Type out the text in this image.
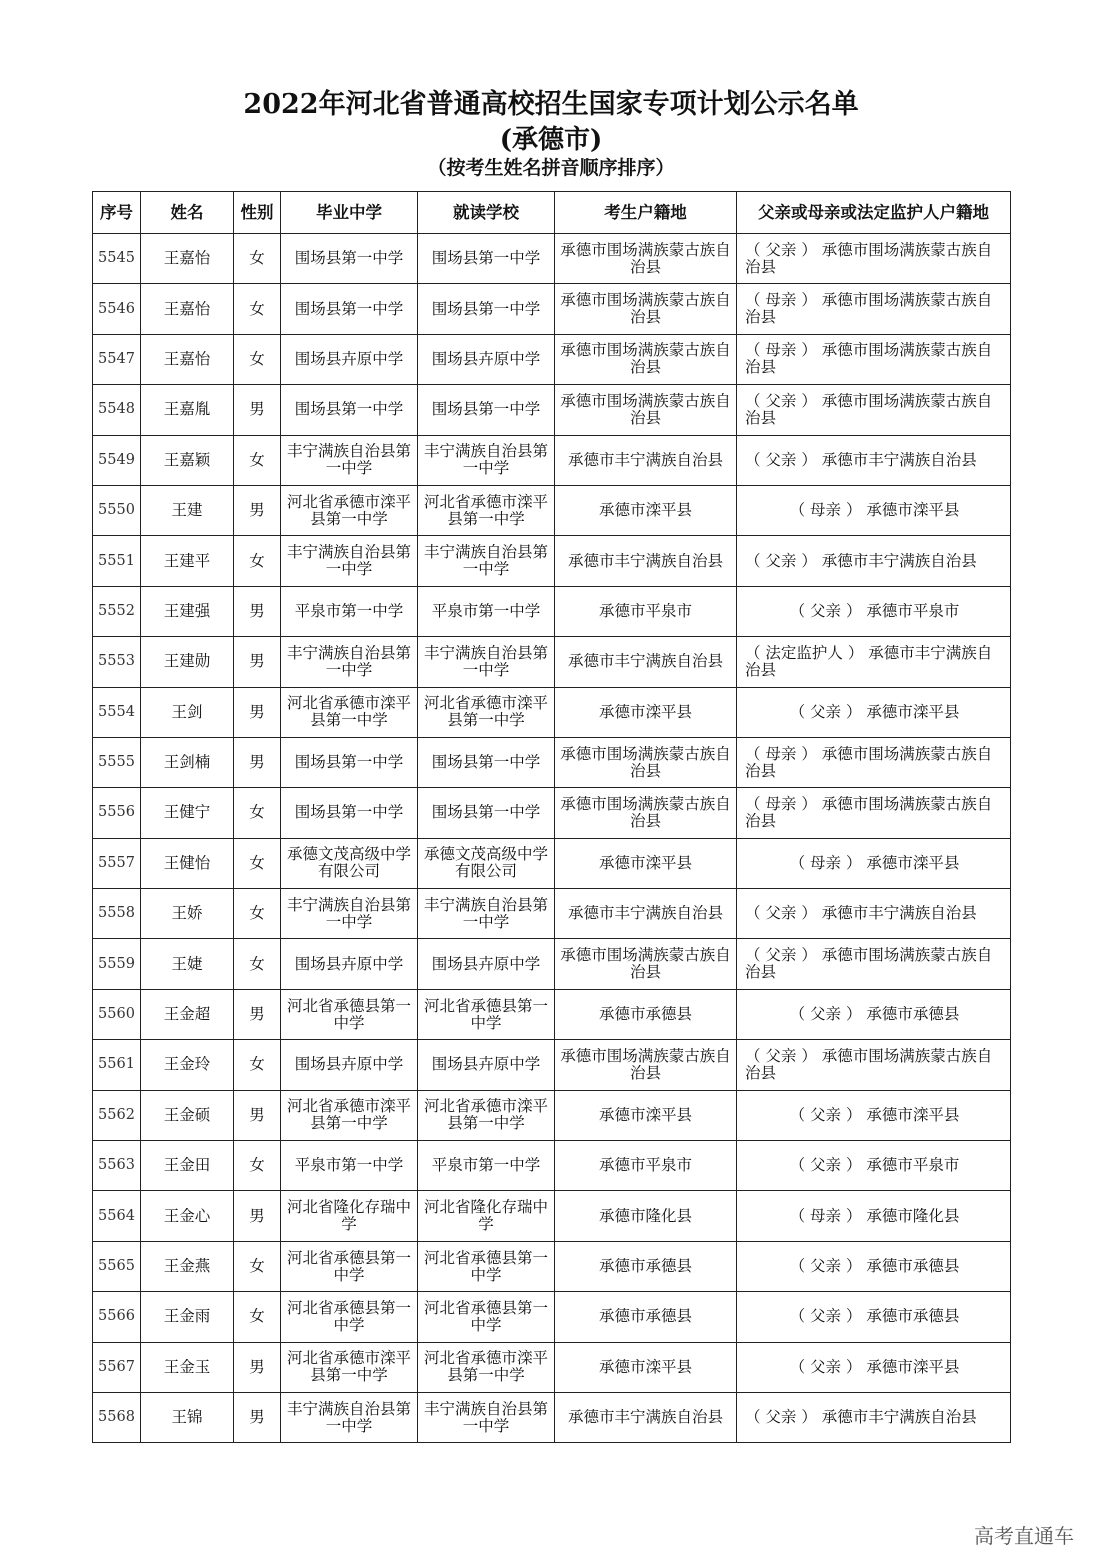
2022年河北省普通高校招生国家专项计划公示名单
(承德市)
（按考生姓名拼音顺序排序）
序号	姓名	性别	毕业中学	就读学校	考生户籍地	父亲或母亲或法定监护人户籍地
5545	王嘉怡	女	围场县第一中学	围场县第一中学	承德市围场满族蒙古族自治县	（ 父亲 ） 承德市围场满族蒙古族自治县
5546	王嘉怡	女	围场县第一中学	围场县第一中学	承德市围场满族蒙古族自治县	（ 母亲 ） 承德市围场满族蒙古族自治县
5547	王嘉怡	女	围场县卉原中学	围场县卉原中学	承德市围场满族蒙古族自治县	（ 母亲 ） 承德市围场满族蒙古族自治县
5548	王嘉胤	男	围场县第一中学	围场县第一中学	承德市围场满族蒙古族自治县	（ 父亲 ） 承德市围场满族蒙古族自治县
5549	王嘉颖	女	丰宁满族自治县第一中学	丰宁满族自治县第一中学	承德市丰宁满族自治县	（ 父亲 ） 承德市丰宁满族自治县
5550	王建	男	河北省承德市滦平县第一中学	河北省承德市滦平县第一中学	承德市滦平县	（ 母亲 ） 承德市滦平县
5551	王建平	女	丰宁满族自治县第一中学	丰宁满族自治县第一中学	承德市丰宁满族自治县	（ 父亲 ） 承德市丰宁满族自治县
5552	王建强	男	平泉市第一中学	平泉市第一中学	承德市平泉市	（ 父亲 ） 承德市平泉市
5553	王建勋	男	丰宁满族自治县第一中学	丰宁满族自治县第一中学	承德市丰宁满族自治县	（ 法定监护人 ） 承德市丰宁满族自治县
5554	王剑	男	河北省承德市滦平县第一中学	河北省承德市滦平县第一中学	承德市滦平县	（ 父亲 ） 承德市滦平县
5555	王剑楠	男	围场县第一中学	围场县第一中学	承德市围场满族蒙古族自治县	（ 母亲 ） 承德市围场满族蒙古族自治县
5556	王健宁	女	围场县第一中学	围场县第一中学	承德市围场满族蒙古族自治县	（ 母亲 ） 承德市围场满族蒙古族自治县
5557	王健怡	女	承德文茂高级中学有限公司	承德文茂高级中学有限公司	承德市滦平县	（ 母亲 ） 承德市滦平县
5558	王娇	女	丰宁满族自治县第一中学	丰宁满族自治县第一中学	承德市丰宁满族自治县	（ 父亲 ） 承德市丰宁满族自治县
5559	王婕	女	围场县卉原中学	围场县卉原中学	承德市围场满族蒙古族自治县	（ 父亲 ） 承德市围场满族蒙古族自治县
5560	王金超	男	河北省承德县第一中学	河北省承德县第一中学	承德市承德县	（ 父亲 ） 承德市承德县
5561	王金玲	女	围场县卉原中学	围场县卉原中学	承德市围场满族蒙古族自治县	（ 父亲 ） 承德市围场满族蒙古族自治县
5562	王金硕	男	河北省承德市滦平县第一中学	河北省承德市滦平县第一中学	承德市滦平县	（ 父亲 ） 承德市滦平县
5563	王金田	女	平泉市第一中学	平泉市第一中学	承德市平泉市	（ 父亲 ） 承德市平泉市
5564	王金心	男	河北省隆化存瑞中学	河北省隆化存瑞中学	承德市隆化县	（ 母亲 ） 承德市隆化县
5565	王金燕	女	河北省承德县第一中学	河北省承德县第一中学	承德市承德县	（ 父亲 ） 承德市承德县
5566	王金雨	女	河北省承德县第一中学	河北省承德县第一中学	承德市承德县	（ 父亲 ） 承德市承德县
5567	王金玉	男	河北省承德市滦平县第一中学	河北省承德市滦平县第一中学	承德市滦平县	（ 父亲 ） 承德市滦平县
5568	王锦	男	丰宁满族自治县第一中学	丰宁满族自治县第一中学	承德市丰宁满族自治县	（ 父亲 ） 承德市丰宁满族自治县
高考直通车
